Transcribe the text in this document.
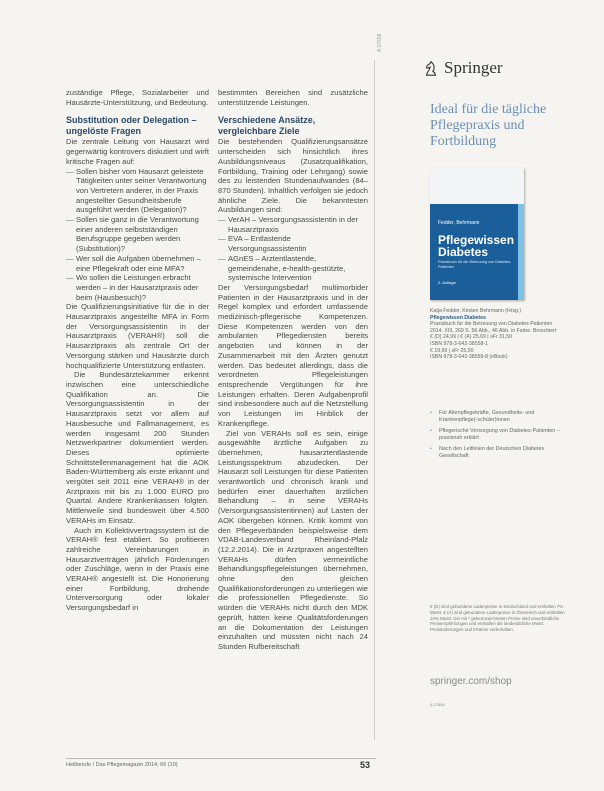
zuständige Pflege, Sozialarbeiter und Hausärzte-Unterstützung, und Bedeutung.

Substitution oder Delegation – ungelöste Fragen

Die zentrale Leitung von Hausarzt wird gegenwärtig kontrovers diskutiert und wirft kritische Fragen auf:

— Sollen bisher vom Hausarzt geleistete Tätigkeiten unter seiner Verantwortung von Vertretern anderer, in der Praxis angestellter Gesundheitsberufe ausgeführt werden (Delegation)?
— Sollen sie ganz in die Verantwortung einer anderen selbstständigen Berufsgruppe gegeben werden (Substitution)?
— Wer soll die Aufgaben übernehmen – eine Pflegekraft oder eine MFA?
— Wo sollen die Leistungen erbracht werden – in der Hausarztpraxis oder beim (Hausbesuch)?

Die Qualifizierungsinitiative für die in der Hausarztpraxis angestellte MFA in Form der Versorgungsassistentin in der Hausarztpraxis (VERAH®) soll die Hausarztpraxis als zentrale Ort der Versorgung stärken und Hausärzte durch hochqualifizierte Unterstützung entlasten.

Die Bundesärztekammer erkennt inzwischen eine unterschiedliche Qualifikation an. Die Versorgungsassistentin in der Hausarztpraxis setzt vor allem auf Hausbesuche und Fallmanagement, es werden insgesamt 200 Stunden Netzwerkpartner dokumentiert werden. Dieses optimierte Schnittstellenmanagement hat die AOK Baden-Württemberg als erste erkannt und vergütet seit 2011 eine VERAH® in der Arztpraxis mit bis zu 1.000 EURO pro Quartal. Andere Krankenkassen folgten. Mittlerweile sind bundesweit über 4.500 VERAHs im Einsatz.

Auch im Kollektivvertragssystem ist die VERAH® fest etabliert. So profitieren zahlreiche Vereinbarungen in Hausarztverträgen jährlich Förderungen oder Zuschläge, wenn in der Praxis eine VERAH® angestellt ist. Die Honorierung einer Fortbildung, drohende Unterversorgung oder lokaler Versorgungsbedarf in

bestimmten Bereichen sind zusätzliche unterstützende Leistungen.

Verschiedene Ansätze, vergleichbare Ziele

Die bestehenden Qualifizierungsansätze unterscheiden sich hinsichtlich ihres Ausbildungsniveaus (Zusatzqualifikation, Fortbildung, Training oder Lehrgang) sowie des zu leistenden Stundenaufwandes (84–870 Stunden). Inhaltlich verfolgen sie jedoch ähnliche Ziele. Die bekanntesten Ausbildungen sind:

— VerAH – Versorgungsassistentin in der Hausarztpraxis
— EVA – Entlastende Versorgungsassistentin
— AGnES – Arztentlastende, gemeindenahe, e-health-gestützte, systemische Intervention

Der Versorgungsbedarf multimorbider Patienten in der Hausarztpraxis und in der Regel komplex und erfordert umfassende medizinisch-pflegerische Kompetenzen. Diese Kompetenzen werden von den ambulanten Pflegediensten bereits angeboten und können in der Zusammenarbeit mit den Ärzten genutzt werden. Das bedeutet allerdings, dass die verordneten Pflegeleistungen entsprechende Vergütungen für ihre Leistungen erhalten. Deren Aufgabenprofil sind insbesondere auch auf die Netzstellung von Leistungen im Hinblick der Krankenpflege.

Ziel von VERAHs soll es sein, einige ausgewählte ärztliche Aufgaben zu übernehmen, hausarztentlastende Leistungsspektrum abzudecken. Der Hausarzt soll Leistungen für diese Patienten verantwortlich und chronisch krank und bedürfen einer dauerhaften ärztlichen Behandlung – in seine VERAHs (Versorgungsassistentinnen) auf Lasten der AOK übergeben können. Kritik kommt von den Pflegeverbänden beispielsweise dem VDAB-Landesverband Rheinland-Pfalz (12.2.2014). Die in Arztpraxen angestellten VERAHs dürfen vermeintliche Behandlungspflegeleistungen übernehmen, ohne den gleichen Qualifikationsforderungen zu unterliegen wie die professionellen Pflegedienste. So würden die VERAHs nicht durch den MDK geprüft, hätten keine Qualitätsforderungen an die Dokumentation der Leistungen einzuhalten und müssten nicht nach 24 Stunden Rufbereitschaft

A 27658
Springer
Ideal für die tägliche Pflegepraxis und Fortbildung
Fedder, Behrmann
Pflegewissen Diabetes
Praxisbuch für die Betreuung von Diabetes-Patienten
2. Auflage
Katja Fedder, Kirsten Behrmann (Hrsg.)
Pflegewissen Diabetes
Praxisbuch für die Betreuung von Diabetes-Patienten
2014. XIII, 269 S. 56 Abb., 46 Abb. in Farbe. Broschiert
€ (D) 24,99 | € (A) 25,69 | sFr 31,50
ISBN 978-3-642-38558-1
€ 19,99 | sFr 25,00
ISBN 978-3-642-38559-8 (eBook)
• Für Altenpflegekräfte, Gesundheits- und Krankenpflege(-schüler)innen
• Pflegerische Versorgung von Diabetes-Patienten – praxisnah erklärt
• Nach den Leitlinien der Deutschen Diabetes Gesellschaft
€ (D) sind gebundene Ladenpreise in Deutschland und enthalten 7% MwSt. € (A) sind gebundene Ladenpreise in Österreich und enthalten 10% MwSt. Die mit * gekennzeichneten Preise sind unverbindliche Preisempfehlungen und enthalten die landesübliche MwSt. Preisänderungen und Irrtümer vorbehalten.
springer.com/shop
A 27658
Heilberufe / Das Pflegemagazin 2014; 66 (10)	53
